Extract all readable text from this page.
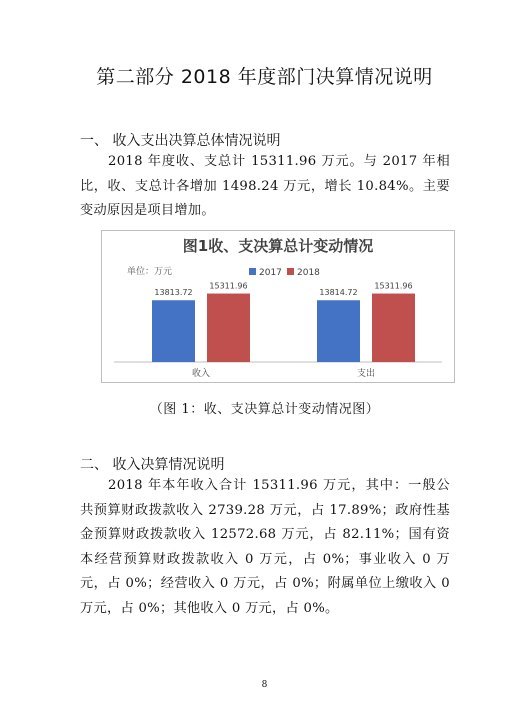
第二部分 2018 年度部门决算情况说明
一、 收入支出决算总体情况说明
2018 年度收、支总计 15311.96 万元。与 2017 年相比，收、支总计各增加 1498.24 万元，增长 10.84%。主要变动原因是项目增加。
图1收、支决算总计变动情况
单位：万元	2017 2018
13813.72
15311.96
收入
13814.72
15311.96
支出
（图 1：收、支决算总计变动情况图）
二、 收入决算情况说明
2018 年本年收入合计 15311.96 万元，其中：一般公共预算财政拨款收入 2739.28 万元，占 17.89%；政府性基金预算财政拨款收入 12572.68 万元，占 82.11%；国有资本经营预算财政拨款收入 0 万元，占 0%；事业收入 0 万元，占 0%；经营收入 0 万元，占 0%；附属单位上缴收入 0 万元，占 0%；其他收入 0 万元，占 0%。
8
